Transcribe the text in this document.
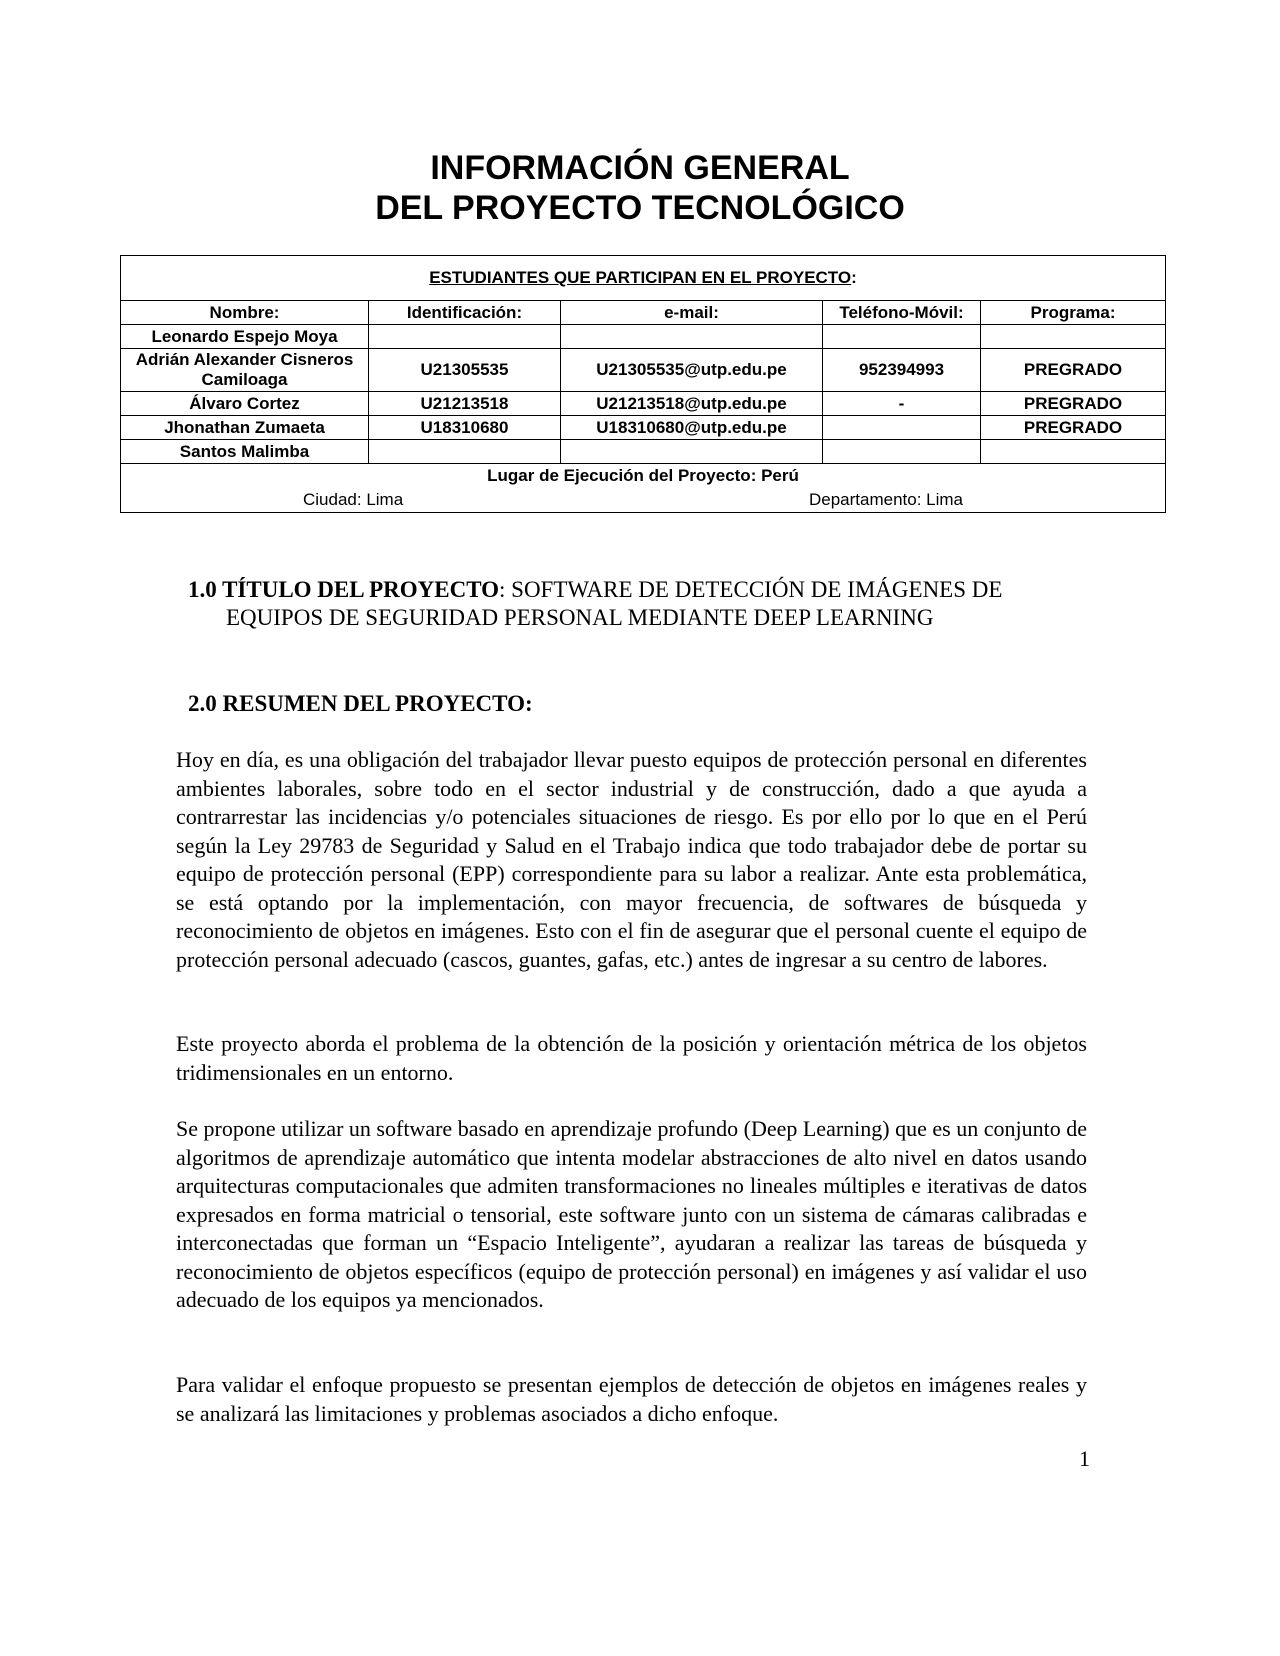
INFORMACIÓN GENERAL
DEL PROYECTO TECNOLÓGICO
ESTUDIANTES QUE PARTICIPAN EN EL PROYECTO:				
Nombre:	Identificación:	e-mail:	Teléfono-Móvil:	Programa:
Leonardo Espejo Moya				
Adrián Alexander Cisneros Camiloaga	U21305535	U21305535@utp.edu.pe	952394993	PREGRADO
Álvaro Cortez	U21213518	U21213518@utp.edu.pe	-	PREGRADO
Jhonathan Zumaeta	U18310680	U18310680@utp.edu.pe		PREGRADO
Santos Malimba				

Lugar de Ejecución del Proyecto: Perú
Ciudad: Lima Departamento: Lima				
1.0 TÍTULO DEL PROYECTO: SOFTWARE DE DETECCIÓN DE IMÁGENES DE
EQUIPOS DE SEGURIDAD PERSONAL MEDIANTE DEEP LEARNING
2.0 RESUMEN DEL PROYECTO:
Hoy en día, es una obligación del trabajador llevar puesto equipos de protección personal en diferentes ambientes laborales, sobre todo en el sector industrial y de construcción, dado a que ayuda a contrarrestar las incidencias y/o potenciales situaciones de riesgo. Es por ello por lo que en el Perú según la Ley 29783 de Seguridad y Salud en el Trabajo indica que todo trabajador debe de portar su equipo de protección personal (EPP) correspondiente para su labor a realizar. Ante esta problemática, se está optando por la implementación, con mayor frecuencia, de softwares de búsqueda y reconocimiento de objetos en imágenes. Esto con el fin de asegurar que el personal cuente el equipo de protección personal adecuado (cascos, guantes, gafas, etc.) antes de ingresar a su centro de labores.
Este proyecto aborda el problema de la obtención de la posición y orientación métrica de los objetos tridimensionales en un entorno.
Se propone utilizar un software basado en aprendizaje profundo (Deep Learning) que es un conjunto de algoritmos de aprendizaje automático que intenta modelar abstracciones de alto nivel en datos usando arquitecturas computacionales que admiten transformaciones no lineales múltiples e iterativas de datos expresados en forma matricial o tensorial, este software junto con un sistema de cámaras calibradas e interconectadas que forman un “Espacio Inteligente”, ayudaran a realizar las tareas de búsqueda y reconocimiento de objetos específicos (equipo de protección personal) en imágenes y así validar el uso adecuado de los equipos ya mencionados.
Para validar el enfoque propuesto se presentan ejemplos de detección de objetos en imágenes reales y se analizará las limitaciones y problemas asociados a dicho enfoque.
1
